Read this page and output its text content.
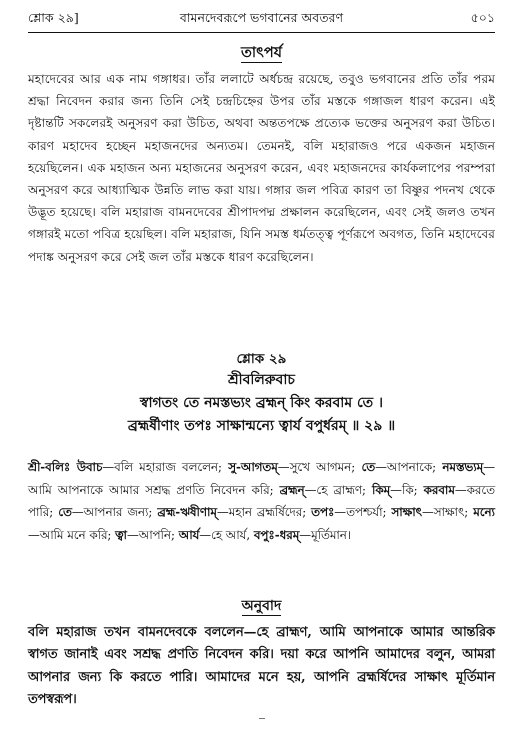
শ্লোক ২৯]	বামনদেবরূপে ভগবানের অবতরণ	৫০১
তাৎপর্য
মহাদেবের আর এক নাম গঙ্গাধর। তাঁর ললাটে অর্ধচন্দ্র রয়েছে, তবুও ভগবানের প্রতি তাঁর পরম শ্রদ্ধা নিবেদন করার জন্য তিনি সেই চন্দ্রচিহ্নের উপর তাঁর মস্তকে গঙ্গাজল ধারণ করেন। এই দৃষ্টান্তটি সকলেরই অনুসরণ করা উচিত, অথবা অন্ততপক্ষে প্রত্যেক ভক্তের অনুসরণ করা উচিত। কারণ মহাদেব হচ্ছেন মহাজনদের অন্যতম। তেমনই, বলি মহারাজও পরে একজন মহাজন হয়েছিলেন। এক মহাজন অন্য মহাজনের অনুসরণ করেন, এবং মহাজনদের কার্যকলাপের পরম্পরা অনুসরণ করে আধ্যাত্মিক উন্নতি লাভ করা যায়। গঙ্গার জল পবিত্র কারণ তা বিষ্ণুর পদনখ থেকে উদ্ভূত হয়েছে। বলি মহারাজ বামনদেবের শ্রীপাদপদ্ম প্রক্ষালন করেছিলেন, এবং সেই জলও তখন গঙ্গারই মতো পবিত্র হয়েছিল। বলি মহারাজ, যিনি সমস্ত ধর্মতত্ত্ব পূর্ণরূপে অবগত, তিনি মহাদেবের পদাঙ্ক অনুসরণ করে সেই জল তাঁর মস্তকে ধারণ করেছিলেন।
শ্লোক ২৯
শ্রীবলিরুবাচ
স্বাগতং তে নমস্তভ্যং ব্রহ্মন্ কিং করবাম তে ।
ব্রহ্মর্ষীণাং তপঃ সাক্ষান্মন্যে ত্বার্য বপুর্ধরম্ ॥ ২৯ ॥
শ্রী-বলিঃ উবাচ—বলি মহারাজ বললেন; সু-আগতম্—সুখে আগমন; তে—আপনাকে; নমস্তভ্যম্—আমি আপনাকে আমার সশ্রদ্ধ প্রণতি নিবেদন করি; ব্রহ্মন্—হে ব্রাহ্মণ; কিম্—কি; করবাম—করতে পারি; তে—আপনার জন্য; ব্রহ্ম-ঋষীণাম্—মহান ব্রহ্মর্ষিদের; তপঃ—তপশ্চর্যা; সাক্ষাৎ—সাক্ষাৎ; মন্যে—আমি মনে করি; ত্বা—আপনি; আর্য—হে আর্য, বপুঃ-ধরম্—মূর্তিমান।
অনুবাদ
বলি মহারাজ তখন বামনদেবকে বললেন—হে ব্রাহ্মণ, আমি আপনাকে আমার আন্তরিক স্বাগত জানাই এবং সশ্রদ্ধ প্রণতি নিবেদন করি। দয়া করে আপনি আমাদের বলুন, আমরা আপনার জন্য কি করতে পারি। আমাদের মনে হয়, আপনি ব্রহ্মর্ষিদের সাক্ষাৎ মূর্তিমান তপস্বরূপ।
